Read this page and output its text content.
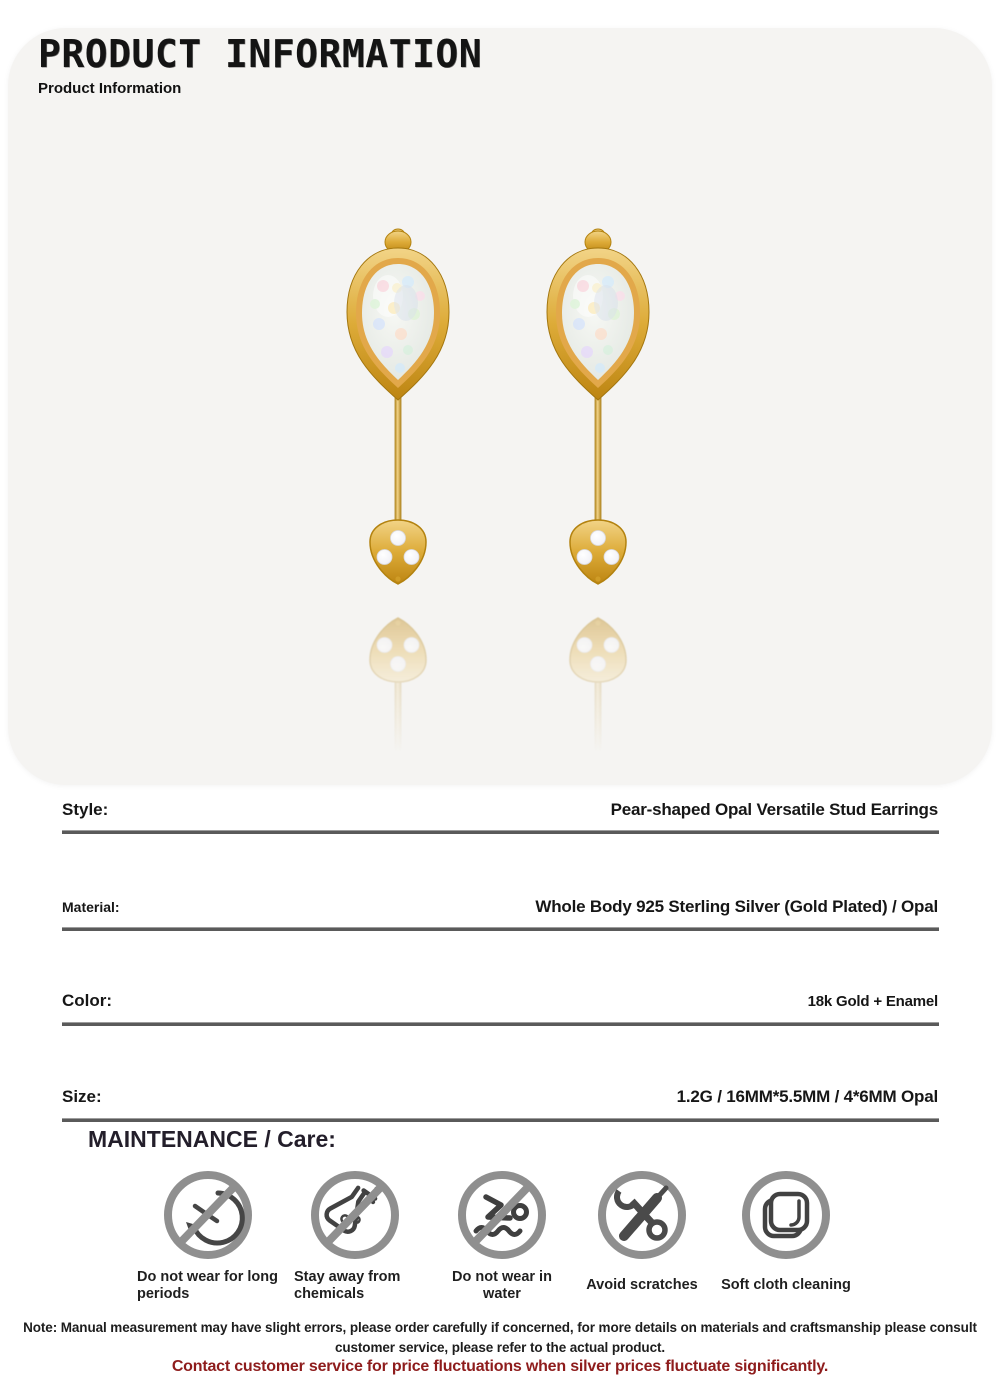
PRODUCT INFORMATION
Product Information
Style:	Pear-shaped Opal Versatile Stud Earrings
Material:	Whole Body 925 Sterling Silver (Gold Plated) / Opal
Color:	18k Gold + Enamel
Size:	1.2G / 16MM*5.5MM / 4*6MM Opal
MAINTENANCE / Care:
Do not wear for long periods
Stay away from chemicals
Do not wear in water
Avoid scratches	Soft cloth cleaning
Note: Manual measurement may have slight errors, please order carefully if concerned, for more details on materials and craftsmanship please consult customer service, please refer to the actual product.
Contact customer service for price fluctuations when silver prices fluctuate significantly.
